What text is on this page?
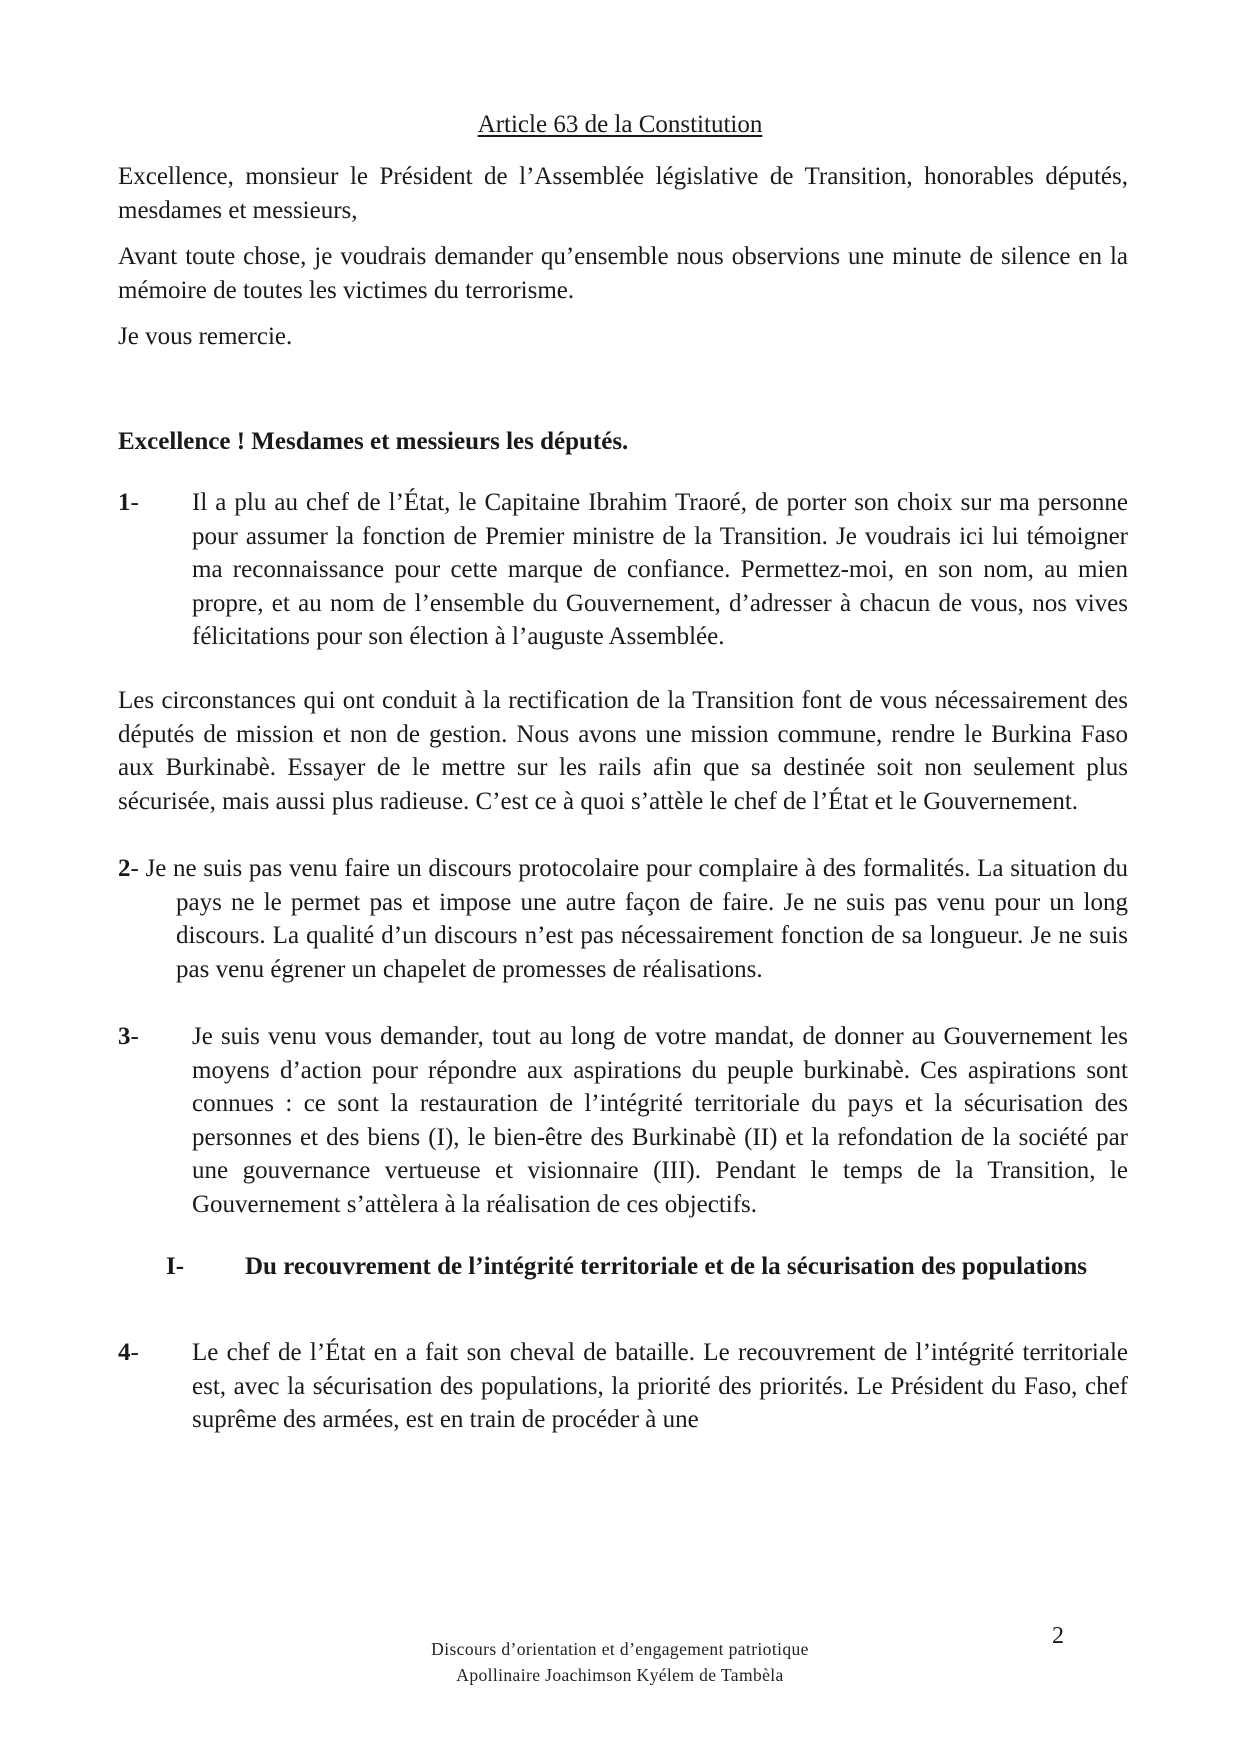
Article 63 de la Constitution
Excellence, monsieur le Président de l’Assemblée législative de Transition, honorables députés, mesdames et messieurs,
Avant toute chose, je voudrais demander qu’ensemble nous observions une minute de silence en la mémoire de toutes les victimes du terrorisme.
Je vous remercie.
Excellence ! Mesdames et messieurs les députés.
1- Il a plu au chef de l’État, le Capitaine Ibrahim Traoré, de porter son choix sur ma personne pour assumer la fonction de Premier ministre de la Transition. Je voudrais ici lui témoigner ma reconnaissance pour cette marque de confiance. Permettez-moi, en son nom, au mien propre, et au nom de l’ensemble du Gouvernement, d’adresser à chacun de vous, nos vives félicitations pour son élection à l’auguste Assemblée.
Les circonstances qui ont conduit à la rectification de la Transition font de vous nécessairement des députés de mission et non de gestion. Nous avons une mission commune, rendre le Burkina Faso aux Burkinabè. Essayer de le mettre sur les rails afin que sa destinée soit non seulement plus sécurisée, mais aussi plus radieuse. C’est ce à quoi s’attèle le chef de l’État et le Gouvernement.
2- Je ne suis pas venu faire un discours protocolaire pour complaire à des formalités. La situation du pays ne le permet pas et impose une autre façon de faire. Je ne suis pas venu pour un long discours. La qualité d’un discours n’est pas nécessairement fonction de sa longueur. Je ne suis pas venu égrener un chapelet de promesses de réalisations.
3- Je suis venu vous demander, tout au long de votre mandat, de donner au Gouvernement les moyens d’action pour répondre aux aspirations du peuple burkinabè. Ces aspirations sont connues : ce sont la restauration de l’intégrité territoriale du pays et la sécurisation des personnes et des biens (I), le bien-être des Burkinabè (II) et la refondation de la société par une gouvernance vertueuse et visionnaire (III). Pendant le temps de la Transition, le Gouvernement s’attèlera à la réalisation de ces objectifs.
I- Du recouvrement de l’intégrité territoriale et de la sécurisation des populations
4- Le chef de l’État en a fait son cheval de bataille. Le recouvrement de l’intégrité territoriale est, avec la sécurisation des populations, la priorité des priorités. Le Président du Faso, chef suprême des armées, est en train de procéder à une
2
Discours d’orientation et d’engagement patriotique
Apollinaire Joachimson Kyélem de Tambèla
